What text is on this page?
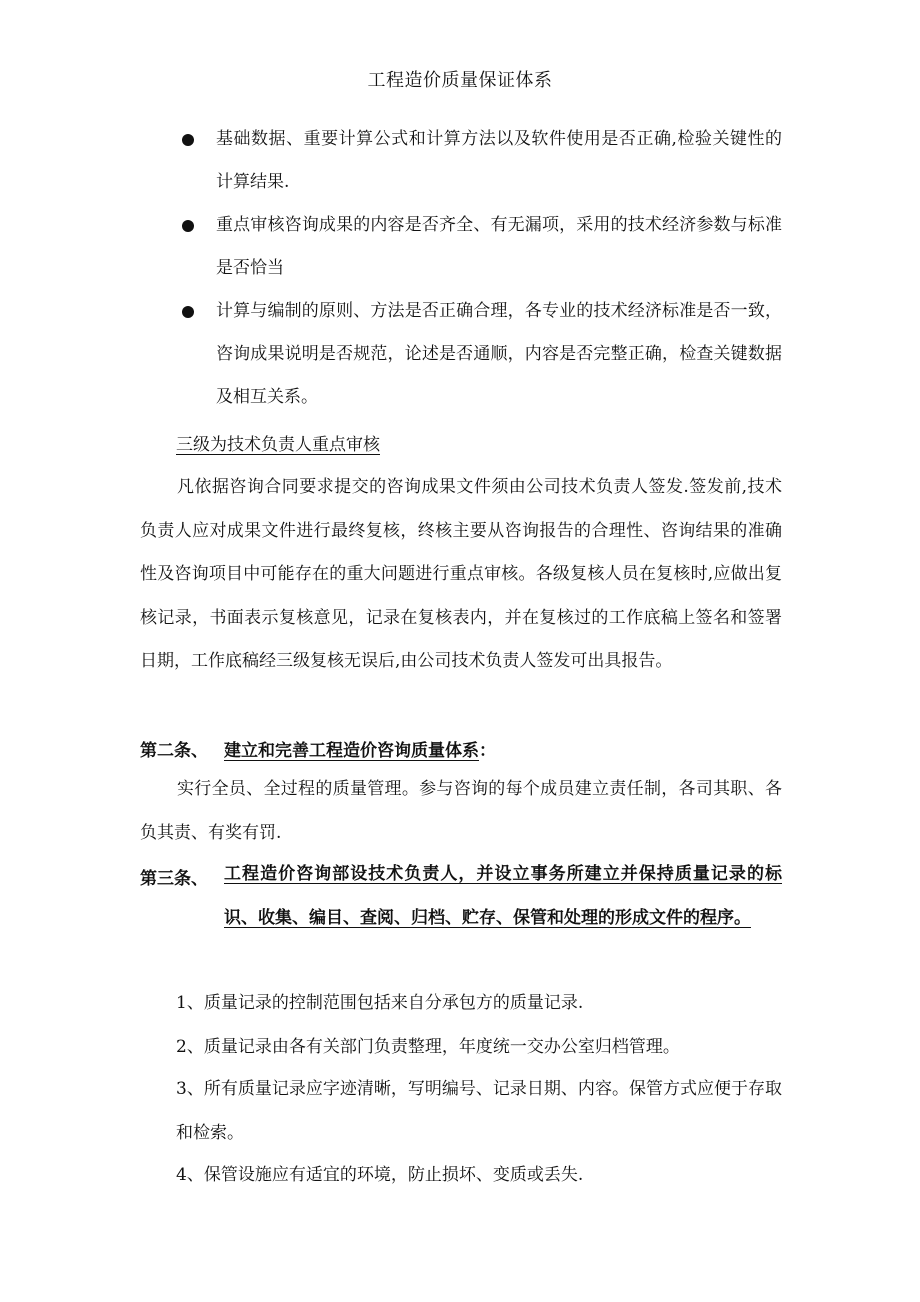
工程造价质量保证体系
基础数据、重要计算公式和计算方法以及软件使用是否正确,检验关键性的计算结果.
重点审核咨询成果的内容是否齐全、有无漏项，采用的技术经济参数与标准是否恰当
计算与编制的原则、方法是否正确合理，各专业的技术经济标准是否一致，咨询成果说明是否规范，论述是否通顺，内容是否完整正确，检查关键数据及相互关系。
三级为技术负责人重点审核
凡依据咨询合同要求提交的咨询成果文件须由公司技术负责人签发.签发前,技术负责人应对成果文件进行最终复核，终核主要从咨询报告的合理性、咨询结果的准确性及咨询项目中可能存在的重大问题进行重点审核。各级复核人员在复核时,应做出复核记录，书面表示复核意见，记录在复核表内，并在复核过的工作底稿上签名和签署日期，工作底稿经三级复核无误后,由公司技术负责人签发可出具报告。
第二条、 建立和完善工程造价咨询质量体系：
实行全员、全过程的质量管理。参与咨询的每个成员建立责任制，各司其职、各负其责、有奖有罚.
第三条、 工程造价咨询部设技术负责人，并设立事务所建立并保持质量记录的标识、收集、编目、查阅、归档、贮存、保管和处理的形成文件的程序。
1、质量记录的控制范围包括来自分承包方的质量记录.
2、质量记录由各有关部门负责整理，年度统一交办公室归档管理。
3、所有质量记录应字迹清晰，写明编号、记录日期、内容。保管方式应便于存取和检索。
4、保管设施应有适宜的环境，防止损坏、变质或丢失.
